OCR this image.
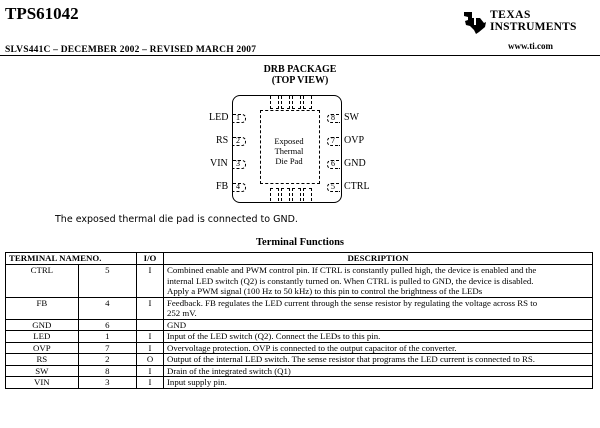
TPS61042
SLVS441C – DECEMBER 2002 – REVISED MARCH 2007
TEXAS
INSTRUMENTS
www.ti.com
DRB PACKAGE
(TOP VIEW)
Exposed
Thermal
Die Pad
LED 1
RS 2
VIN 3
FB 4
8 SW
7 OVP
6 GND
5 CTRL
The exposed thermal die pad is connected to GND.
Terminal Functions
TERMINAL NAMENO.		I/O	DESCRIPTION
CTRL	5	I	Combined enable and PWM control pin. If CTRL is constantly pulled high, the device is enabled and the
internal LED switch (Q2) is constantly turned on. When CTRL is pulled to GND, the device is disabled.
Apply a PWM signal (100 Hz to 50 kHz) to this pin to control the brightness of the LEDs

FB	4	I	Feedback. FB regulates the LED current through the sense resistor by regulating the voltage across RS to
252 mV.

GND	6		GND
LED	1	I	Input of the LED switch (Q2). Connect the LEDs to this pin.
OVP	7	I	Overvoltage protection. OVP is connected to the output capacitor of the converter.
RS	2	O	Output of the internal LED switch. The sense resistor that programs the LED current is connected to RS.
SW	8	I	Drain of the integrated switch (Q1)
VIN	3	I	Input supply pin.
